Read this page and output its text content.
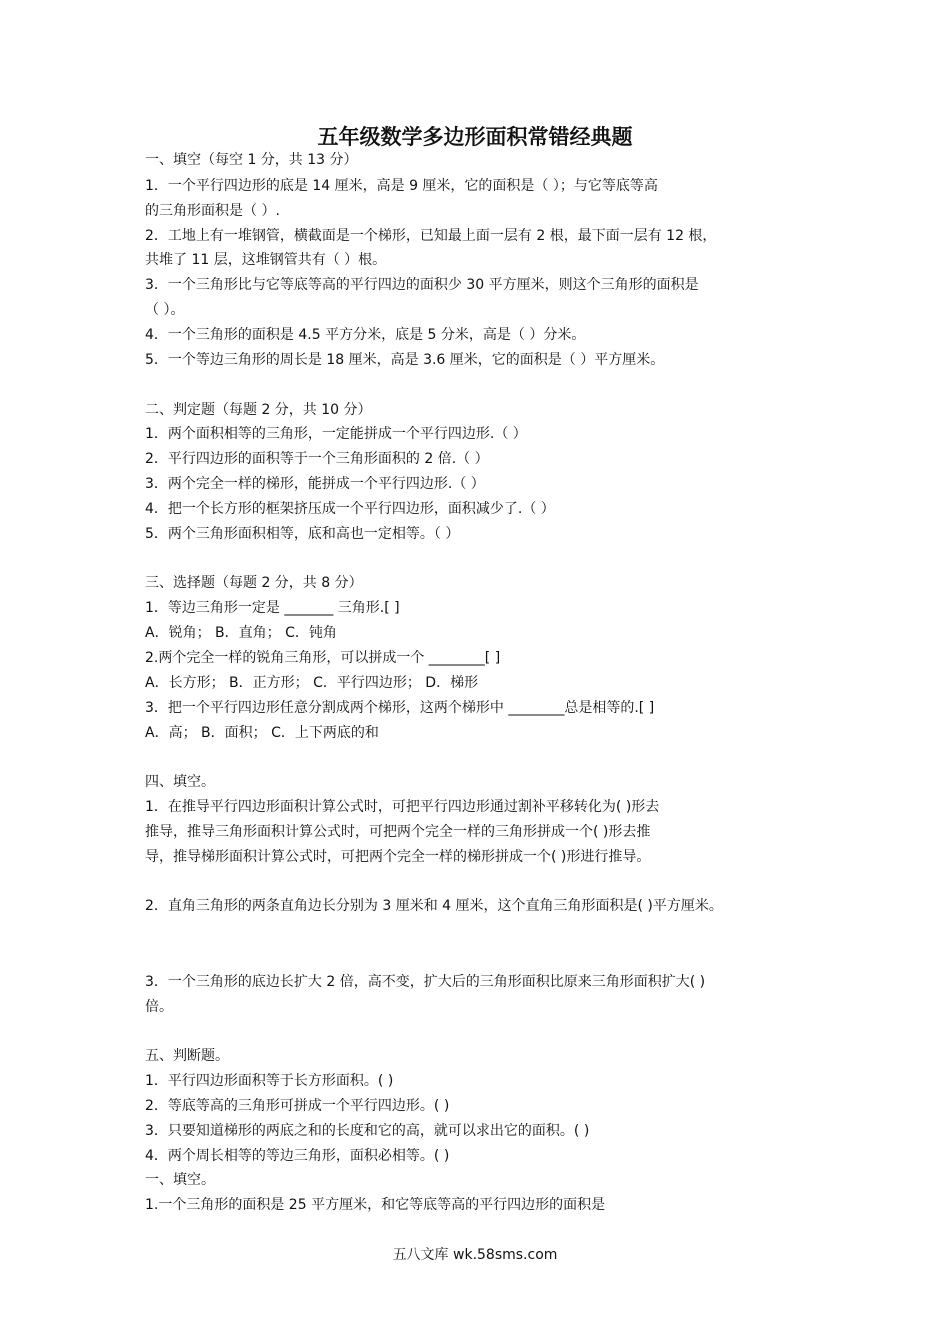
五年级数学多边形面积常错经典题
一、填空（每空 1 分，共 13 分）
1．一个平行四边形的底是 14 厘米，高是 9 厘米，它的面积是（ ）；与它等底等高
的三角形面积是（ ）.
2．工地上有一堆钢管，横截面是一个梯形，已知最上面一层有 2 根，最下面一层有 12 根，
共堆了 11 层，这堆钢管共有（ ）根。
3．一个三角形比与它等底等高的平行四边的面积少 30 平方厘米，则这个三角形的面积是
（ ）。
4．一个三角形的面积是 4.5 平方分米，底是 5 分米，高是（ ）分米。
5．一个等边三角形的周长是 18 厘米，高是 3.6 厘米，它的面积是（ ）平方厘米。
二、判定题（每题 2 分，共 10 分）
1．两个面积相等的三角形，一定能拼成一个平行四边形.（ ）
2．平行四边形的面积等于一个三角形面积的 2 倍.（ ）
3．两个完全一样的梯形，能拼成一个平行四边形.（ ）
4．把一个长方形的框架挤压成一个平行四边形，面积减少了.（ ）
5．两个三角形面积相等，底和高也一定相等。（ ）
三、选择题（每题 2 分，共 8 分）
1．等边三角形一定是 _______ 三角形.[ ]
A．锐角； B．直角； C．钝角
2.两个完全一样的锐角三角形，可以拼成一个 ________[ ]
A．长方形； B．正方形； C．平行四边形； D．梯形
3．把一个平行四边形任意分割成两个梯形，这两个梯形中 ________总是相等的.[ ]
A．高； B．面积； C．上下两底的和
四、填空。
1．在推导平行四边形面积计算公式时，可把平行四边形通过割补平移转化为( )形去
推导，推导三角形面积计算公式时，可把两个完全一样的三角形拼成一个( )形去推
导，推导梯形面积计算公式时，可把两个完全一样的梯形拼成一个( )形进行推导。
2．直角三角形的两条直角边长分别为 3 厘米和 4 厘米，这个直角三角形面积是( )平方厘米。
3．一个三角形的底边长扩大 2 倍，高不变，扩大后的三角形面积比原来三角形面积扩大( )
倍。
五、判断题。
1．平行四边形面积等于长方形面积。( )
2．等底等高的三角形可拼成一个平行四边形。( )
3．只要知道梯形的两底之和的长度和它的高，就可以求出它的面积。( )
4．两个周长相等的等边三角形，面积必相等。( )
一、填空。
1.一个三角形的面积是 25 平方厘米，和它等底等高的平行四边形的面积是
五八文库 wk.58sms.com
